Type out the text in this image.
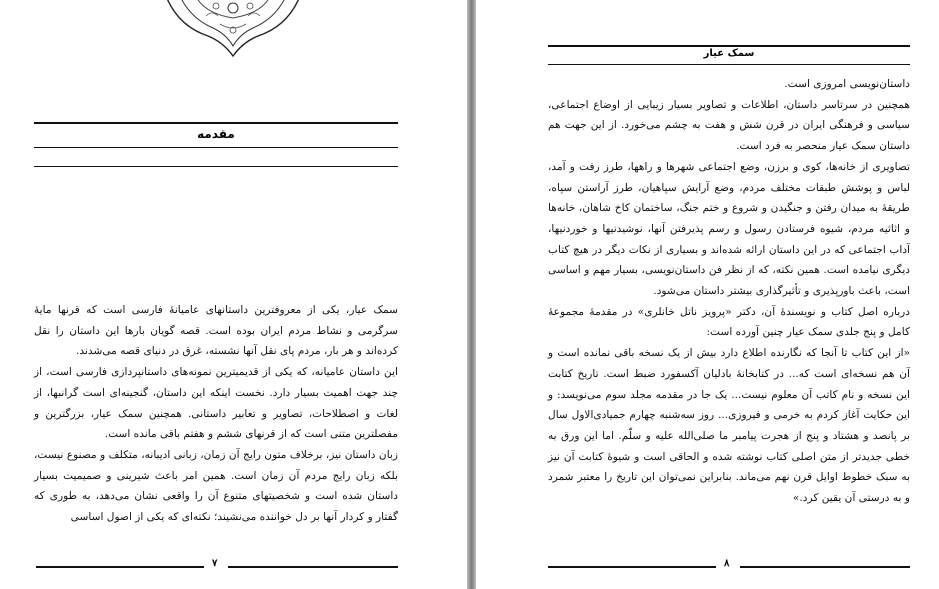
مقدمه

سمک عیار، یکی از معروفترین داستانهای عامیانهٔ فارسی است که قرنها مایهٔ سرگرمی و نشاط مردم ایران بوده است. قصه گویان بارها این داستان را نقل کرده‌اند و هر بار، مردم پای نقل آنها نشسته، غرق در دنیای قصه می‌شدند.

این داستان عامیانه، که یکی از قدیمیترین نمونه‌های داستانپردازی فارسی است، از چند جهت اهمیت بسیار دارد. نخست اینکه این داستان، گنجینه‌ای است گرانبها، از لغات و اصطلاحات، تصاویر و تعابیر داستانی. همچنین سمک عیار، بزرگترین و مفصلترین متنی است که از قرنهای ششم و هفتم باقی مانده است.

زبان داستان نیز، برخلاف متون رایج آن زمان، زبانی ادیبانه، متکلف و مصنوع نیست، بلکه زبان رایج مردم آن زمان است. همین امر باعث شیرینی و صمیمیت بسیار داستان شده است و شخصیتهای متنوع آن را واقعی نشان می‌دهد، به طوری که گفتار و کردار آنها بر دل خواننده می‌نشیند؛ نکته‌ای که یکی از اصول اساسی

۷
سمک عیار

داستان‌نویسی امروزی است.

همچنین در سرتاسر داستان، اطلاعات و تصاویر بسیار زیبایی از اوضاع اجتماعی، سیاسی و فرهنگی ایران در قرن شش و هفت به چشم می‌خورد. از این جهت هم داستان سمک عیار منحصر به فرد است.

تصاویری از خانه‌ها، کوی و برزن، وضع اجتماعی شهرها و راهها، طرز رفت و آمد، لباس و پوشش طبقات مختلف مردم، وضع آرایش سپاهیان، طرز آراستن سپاه، طریقهٔ به میدان رفتن و جنگیدن و شروع و ختم جنگ، ساختمان کاخ شاهان، خانه‌ها و اثاثیه مردم، شیوه فرستادن رسول و رسم پذیرفتن آنها، نوشیدنیها و خوردنیها، آداب اجتماعی که در این داستان ارائه شده‌اند و بسیاری از نکات دیگر در هیچ کتاب دیگری نیامده است. همین نکته، که از نظر فن داستان‌نویسی، بسیار مهم و اساسی است، باعث باورپذیری و تأثیرگذاری بیشتر داستان می‌شود.

درباره اصل کتاب و نویسندهٔ آن، دکتر «پرویز ناتل خانلری» در مقدمهٔ مجموعهٔ کامل و پنج جلدی سمک عیار چنین آورده است:

«از این کتاب تا آنجا که نگارنده اطلاع دارد بیش از یک نسخه باقی نمانده است و آن هم نسخه‌ای است که... در کتابخانهٔ بادلیان آکسفورد ضبط است. تاریخ کتابت این نسخه و نام کاتب آن معلوم نیست... یک جا در مقدمه مجلد سوم می‌نویسد: و این حکایت آغاز کردم به خرمی و فیروزی... روز سه‌شنبه چهارم جمیادی‌الاول سال بر پانصد و هشتاد و پنج از هجرت پیامبر ما صلی‌الله علیه و سلّم. اما این ورق به خطی جدیدتر از متن اصلی کتاب نوشته شده و الحاقی است و شیوهٔ کتابت آن نیز به سبک خطوط اوایل قرن نهم می‌ماند. بنابراین نمی‌توان این تاریخ را معتبر شمرد و به درستی آن یقین کرد.»

۸
